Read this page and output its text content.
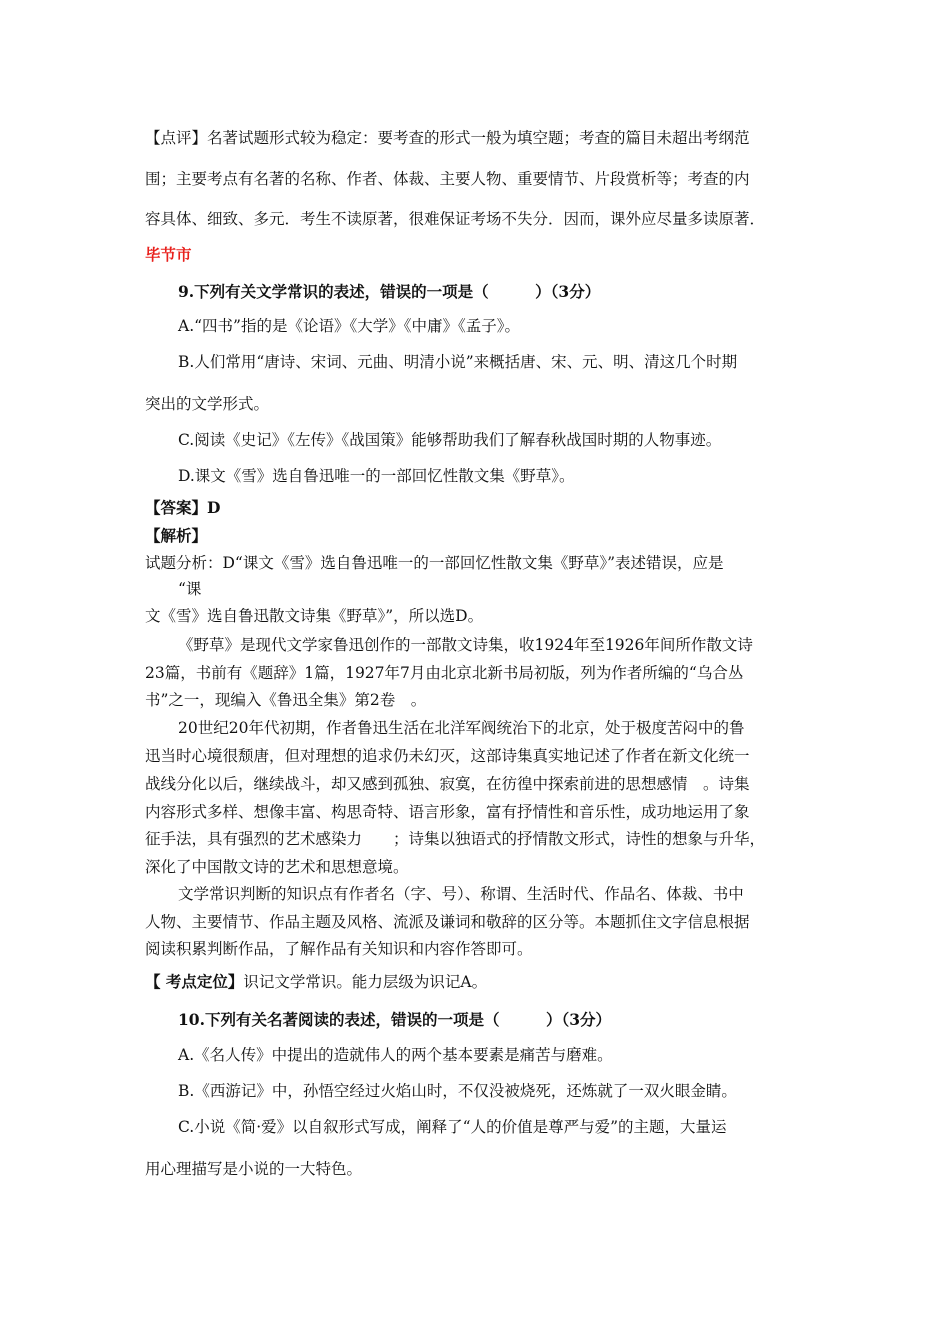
【点评】名著试题形式较为稳定：要考查的形式一般为填空题；考查的篇目未超出考纲范
围；主要考点有名著的名称、作者、体裁、主要人物、重要情节、片段赏析等；考查的内
容具体、细致、多元．考生不读原著，很难保证考场不失分．因而，课外应尽量多读原著．
毕节市
9.下列有关文学常识的表述，错误的一项是（　　　）（3分）
A.“四书”指的是《论语》《大学》《中庸》《孟子》。
B.人们常用“唐诗、宋词、元曲、明清小说”来概括唐、宋、元、明、清这几个时期
突出的文学形式。
C.阅读《史记》《左传》《战国策》能够帮助我们了解春秋战国时期的人物事迹。
D.课文《雪》选自鲁迅唯一的一部回忆性散文集《野草》。
【答案】D
【解析】
试题分析：D“课文《雪》选自鲁迅唯一的一部回忆性散文集《野草》”表述错误，应是
“课
文《雪》选自鲁迅散文诗集《野草》”，所以选D。
《野草》是现代文学家鲁迅创作的一部散文诗集，收1924年至1926年间所作散文诗
23篇，书前有《题辞》1篇，1927年7月由北京北新书局初版，列为作者所编的“乌合丛
书”之一，现编入《鲁迅全集》第2卷　。
20世纪20年代初期，作者鲁迅生活在北洋军阀统治下的北京，处于极度苦闷中的鲁
迅当时心境很颓唐，但对理想的追求仍未幻灭，这部诗集真实地记述了作者在新文化统一
战线分化以后，继续战斗，却又感到孤独、寂寞，在彷徨中探索前进的思想感情　。诗集
内容形式多样、想像丰富、构思奇特、语言形象，富有抒情性和音乐性，成功地运用了象
征手法，具有强烈的艺术感染力　　；诗集以独语式的抒情散文形式，诗性的想象与升华，
深化了中国散文诗的艺术和思想意境。
文学常识判断的知识点有作者名（字、号）、称谓、生活时代、作品名、体裁、书中
人物、主要情节、作品主题及风格、流派及谦词和敬辞的区分等。本题抓住文字信息根据
阅读积累判断作品，了解作品有关知识和内容作答即可。
【 考点定位】识记文学常识。能力层级为识记A。
10.下列有关名著阅读的表述，错误的一项是（　　　）（3分）
A.《名人传》中提出的造就伟人的两个基本要素是痛苦与磨难。
B.《西游记》中，孙悟空经过火焰山时，不仅没被烧死，还炼就了一双火眼金睛。
C.小说《简·爱》以自叙形式写成，阐释了“人的价值是尊严与爱”的主题，大量运
用心理描写是小说的一大特色。
